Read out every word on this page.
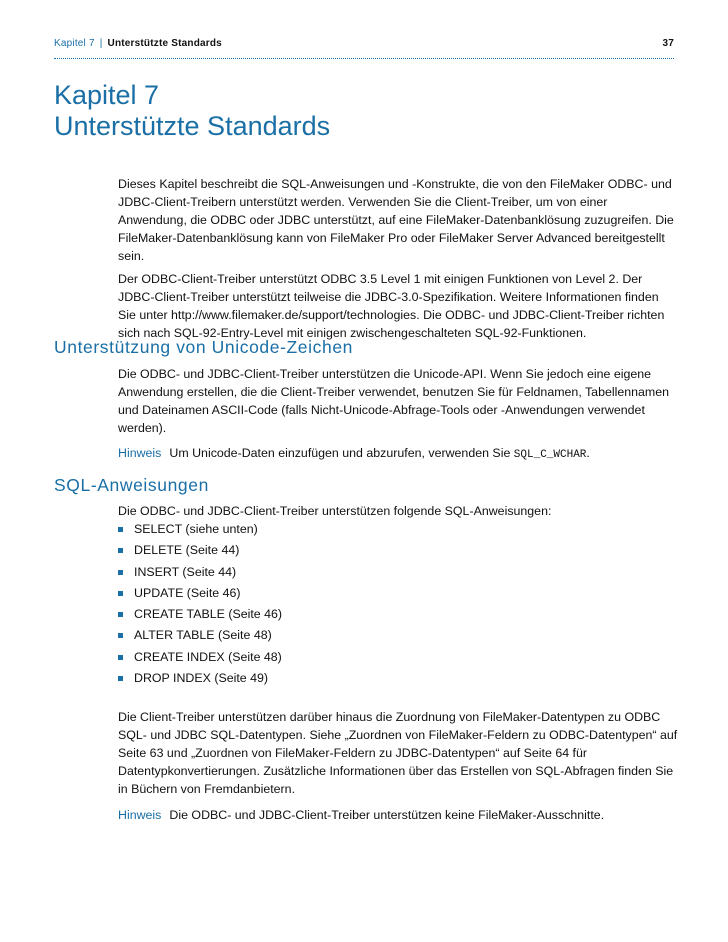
Kapitel 7 | Unterstützte Standards	37
Kapitel 7
Unterstützte Standards

Dieses Kapitel beschreibt die SQL-Anweisungen und -Konstrukte, die von den FileMaker ODBC- und JDBC-Client-Treibern unterstützt werden. Verwenden Sie die Client-Treiber, um von einer Anwendung, die ODBC oder JDBC unterstützt, auf eine FileMaker-Datenbanklösung zuzugreifen. Die FileMaker-Datenbanklösung kann von FileMaker Pro oder FileMaker Server Advanced bereitgestellt sein.

Der ODBC-Client-Treiber unterstützt ODBC 3.5 Level 1 mit einigen Funktionen von Level 2. Der JDBC-Client-Treiber unterstützt teilweise die JDBC-3.0-Spezifikation. Weitere Informationen finden Sie unter http://www.filemaker.de/support/technologies. Die ODBC- und JDBC-Client-Treiber richten sich nach SQL-92-Entry-Level mit einigen zwischengeschalteten SQL-92-Funktionen.

Unterstützung von Unicode-Zeichen

Die ODBC- und JDBC-Client-Treiber unterstützen die Unicode-API. Wenn Sie jedoch eine eigene Anwendung erstellen, die die Client-Treiber verwendet, benutzen Sie für Feldnamen, Tabellennamen und Dateinamen ASCII-Code (falls Nicht-Unicode-Abfrage-Tools oder -Anwendungen verwendet werden).

Hinweis Um Unicode-Daten einzufügen und abzurufen, verwenden Sie SQL_C_WCHAR.

SQL-Anweisungen

Die ODBC- und JDBC-Client-Treiber unterstützen folgende SQL-Anweisungen:

SELECT (siehe unten)
DELETE (Seite 44)
INSERT (Seite 44)
UPDATE (Seite 46)
CREATE TABLE (Seite 46)
ALTER TABLE (Seite 48)
CREATE INDEX (Seite 48)
DROP INDEX (Seite 49)

Die Client-Treiber unterstützen darüber hinaus die Zuordnung von FileMaker-Datentypen zu ODBC SQL- und JDBC SQL-Datentypen. Siehe „Zuordnen von FileMaker-Feldern zu ODBC-Datentypen“ auf Seite 63 und „Zuordnen von FileMaker-Feldern zu JDBC-Datentypen“ auf Seite 64 für Datentypkonvertierungen. Zusätzliche Informationen über das Erstellen von SQL-Abfragen finden Sie in Büchern von Fremdanbietern.

Hinweis Die ODBC- und JDBC-Client-Treiber unterstützen keine FileMaker-Ausschnitte.
